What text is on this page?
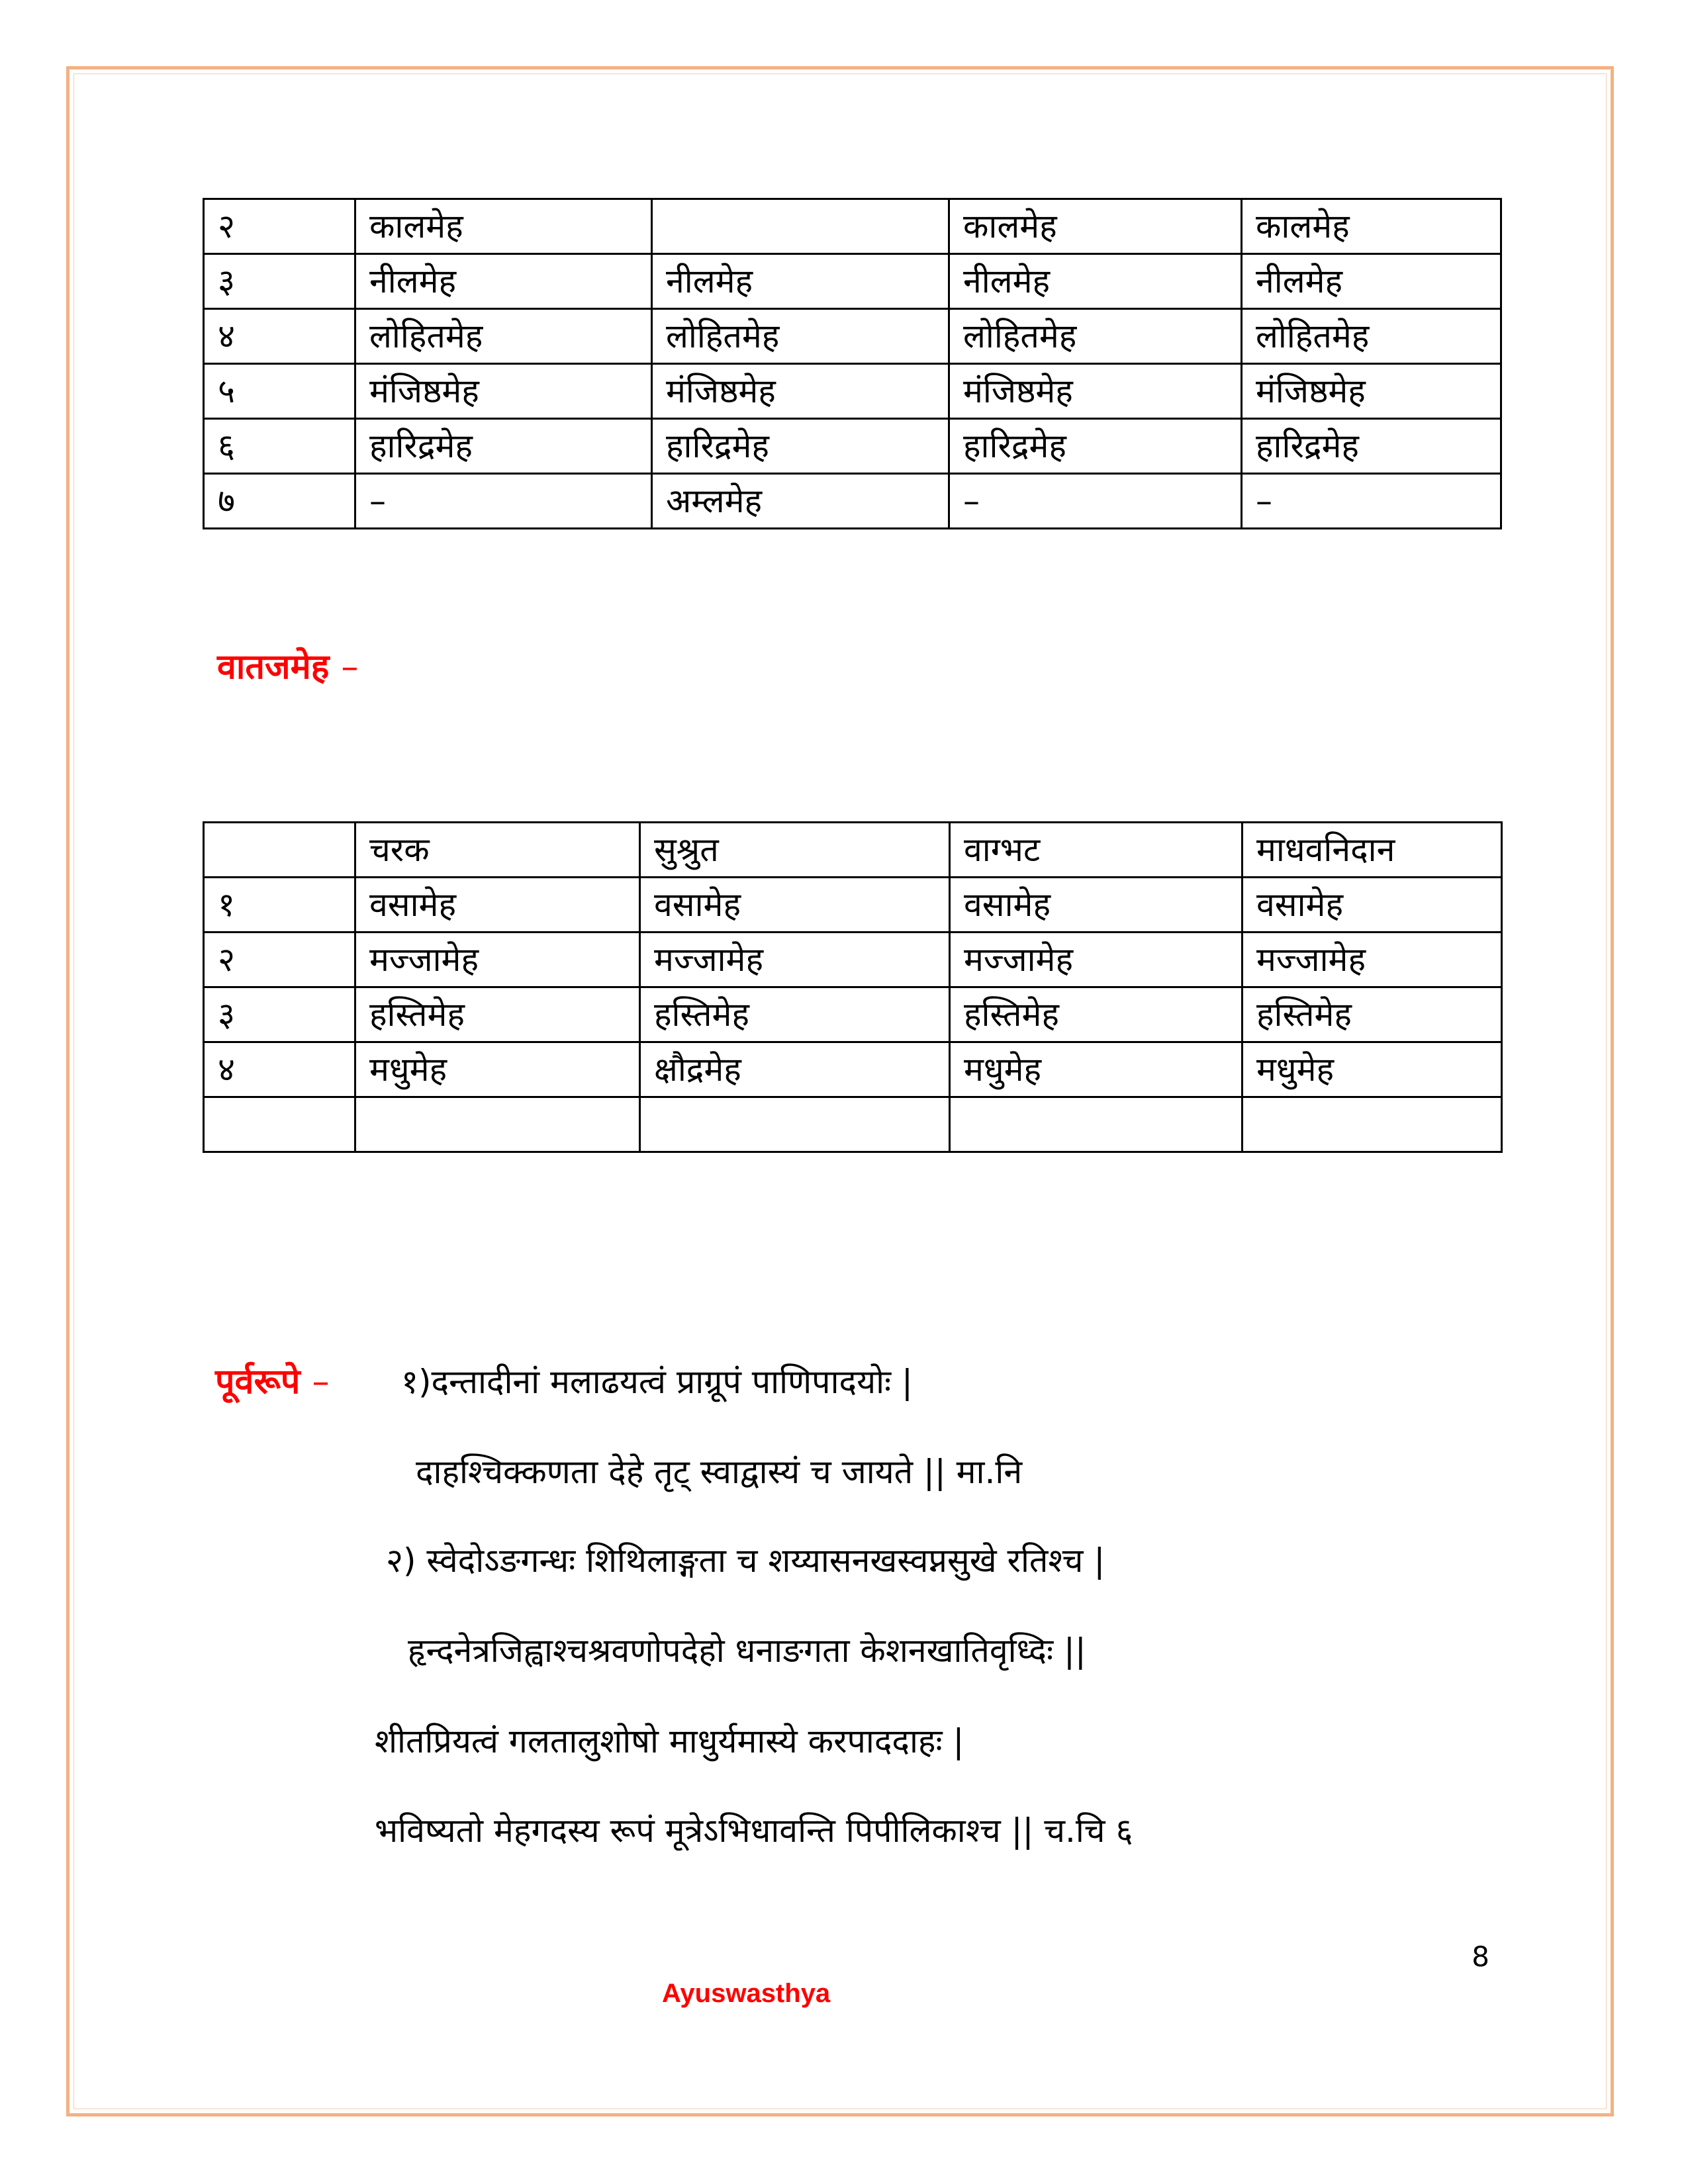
२	कालमेह		कालमेह	कालमेह
३	नीलमेह	नीलमेह	नीलमेह	नीलमेह
४	लोहितमेह	लोहितमेह	लोहितमेह	लोहितमेह
५	मंजिष्ठमेह	मंजिष्ठमेह	मंजिष्ठमेह	मंजिष्ठमेह
६	हारिद्रमेह	हारिद्रमेह	हारिद्रमेह	हारिद्रमेह
७	–	अम्लमेह	–	–
वातजमेह –
	चरक	सुश्रुत	वाग्भट	माधवनिदान
१	वसामेह	वसामेह	वसामेह	वसामेह
२	मज्जामेह	मज्जामेह	मज्जामेह	मज्जामेह
३	हस्तिमेह	हस्तिमेह	हस्तिमेह	हस्तिमेह
४	मधुमेह	क्षौद्रमेह	मधुमेह	मधुमेह

पूर्वरूपे – १)दन्तादीनां मलाढयत्वं प्राग्रूपं पाणिपादयोः |
दाहश्चिक्कणता देहे तृट् स्वाद्वास्यं च जायते || मा.नि
२) स्वेदोऽङगन्धः शिथिलाङ्गता च शय्यासनखस्वप्नसुखे रतिश्च |
हृन्दनेत्रजिह्वाश्चश्रवणोपदेहो धनाङगता केशनखातिवृध्दिः ||
शीतप्रियत्वं गलतालुशोषो माधुर्यमास्ये करपाददाहः |
भविष्यतो मेहगदस्य रूपं मूत्रेऽभिधावन्ति पिपीलिकाश्च || च.चि ६
8
Ayuswasthya
